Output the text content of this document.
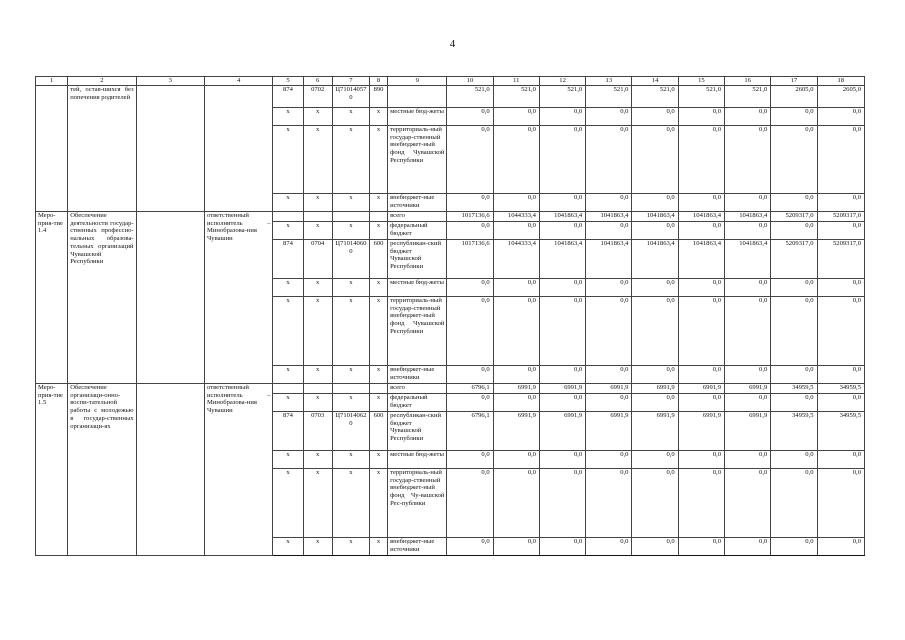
4
1	2	3	4	5	6	7	8	9	10	11	12	13	14	15	16	17	18
	тей, остав-шихся без попечения родителей			874	0702	Ц710140570	890		521,0	521,0	521,0	521,0	521,0	521,0	521,0	2605,0	2605,0
				x	x	x	x	местные бюд-жеты	0,0	0,0	0,0	0,0	0,0	0,0	0,0	0,0	0,0
				x	x	x	x	территориаль-ный государ-ственный внебюджет-ный фонд Чувашской Республики	0,0	0,0	0,0	0,0	0,0	0,0	0,0	0,0	0,0
				x	x	x	x	внебюджет-ные источники	0,0	0,0	0,0	0,0	0,0	0,0	0,0	0,0	0,0
Меро-прия-тие 1.4	Обеспечение деятельности государ-ственных профессио-нальных образова-тельных организаций Чувашской Республики		ответственный исполнитель – Минобразова-ния Чувашии					всего	1017136,6	1044333,4	1041863,4	1041863,4	1041863,4	1041863,4	1041863,4	5209317,0	5209317,0
				x	x	x	x	федеральный бюджет	0,0	0,0	0,0	0,0	0,0	0,0	0,0	0,0	0,0
				874	0704	Ц710140600	600	республикан-ский бюджет Чувашской Республики	1017136,6	1044333,4	1041863,4	1041863,4	1041863,4	1041863,4	1041863,4	5209317,0	5209317,0
				x	x	x	x	местные бюд-жеты	0,0	0,0	0,0	0,0	0,0	0,0	0,0	0,0	0,0
				x	x	x	x	территориаль-ный государ-ственный внебюджет-ный фонд Чувашской Республики	0,0	0,0	0,0	0,0	0,0	0,0	0,0	0,0	0,0
				x	x	x	x	внебюджет-ные источники	0,0	0,0	0,0	0,0	0,0	0,0	0,0	0,0	0,0
Меро-прия-тие 1.5	Обеспечение организаци-онно-воспи-тательной работы с молодежью в государ-ственных организаци-ях		ответственный исполнитель – Минобразова-ния Чувашии					всего	6796,1	6991,9	6991,9	6991,9	6991,9	6991,9	6991,9	34959,5	34959,5
				x	x	x	x	федеральный бюджет	0,0	0,0	0,0	0,0	0,0	0,0	0,0	0,0	0,0
				874	0703	Ц710140620	600	республикан-ский бюджет Чувашской Республики	6796,1	6991,9	6991,9	6991,9	6991,9	6991,9	6991,9	34959,5	34959,5
				x	x	x	x	местные бюд-жеты	0,0	0,0	0,0	0,0	0,0	0,0	0,0	0,0	0,0
				x	x	x	x	территориаль-ный государ-ственный внебюджет-ный фонд Чу-вашской Рес-публики	0,0	0,0	0,0	0,0	0,0	0,0	0,0	0,0	0,0
				x	x	x	x	внебюджет-ные источники	0,0	0,0	0,0	0,0	0,0	0,0	0,0	0,0	0,0
